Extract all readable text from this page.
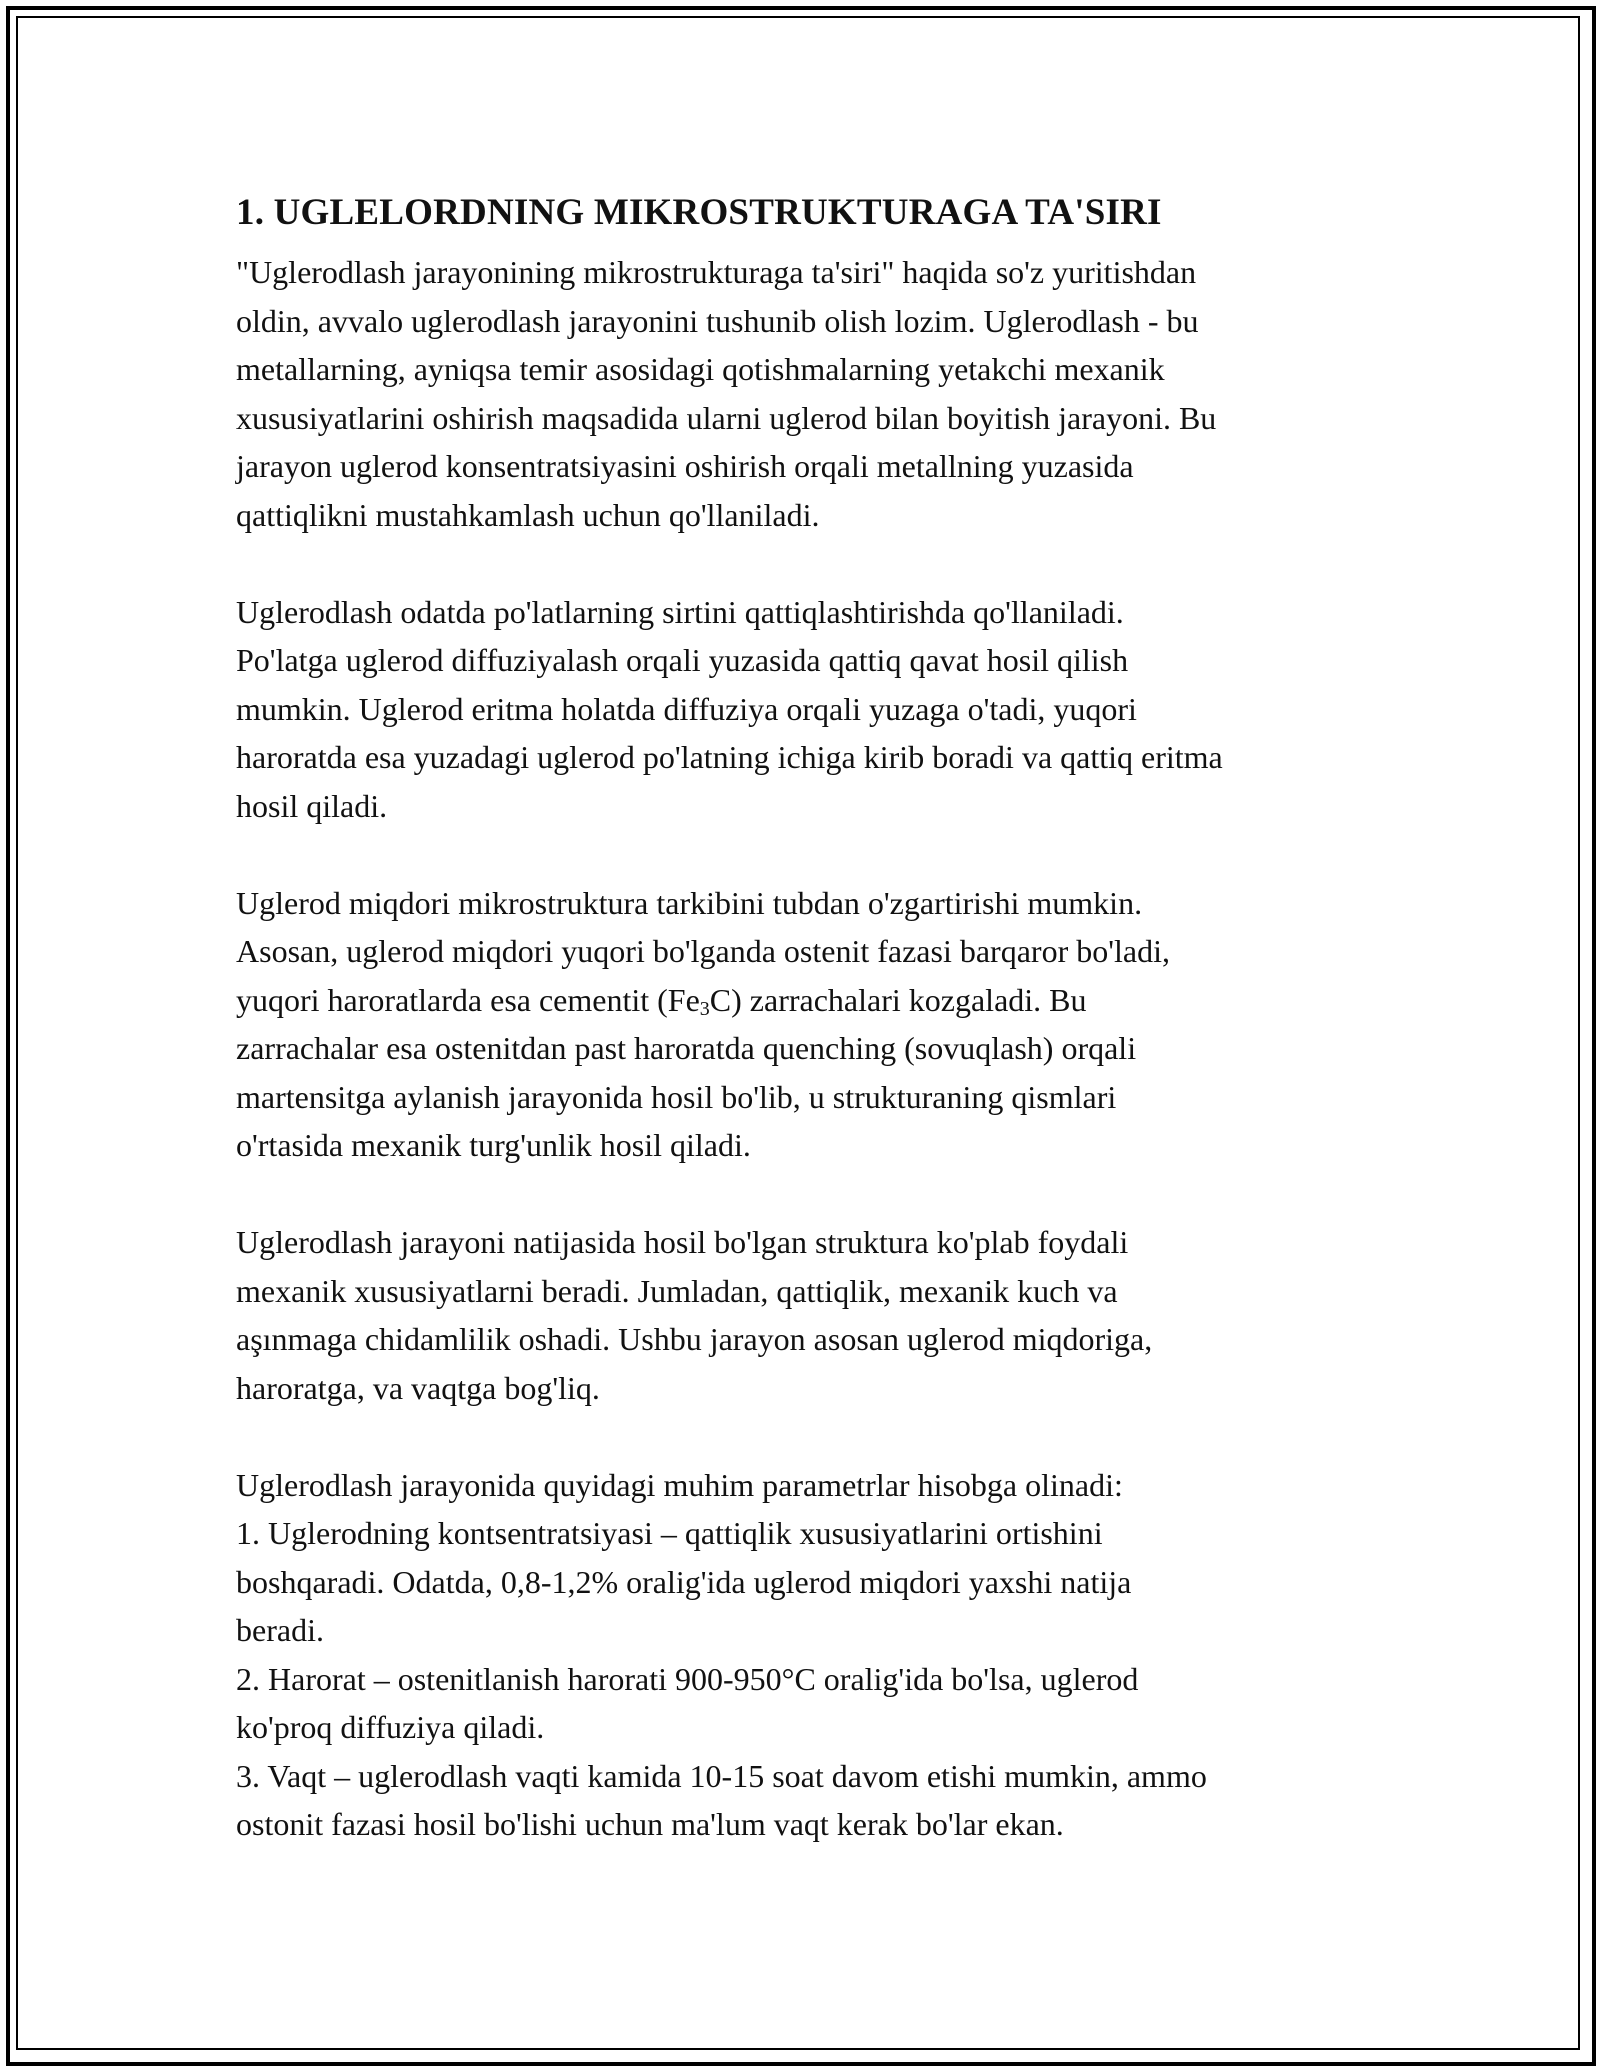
1. UGLELORDNING MIKROSTRUKTURAGA TA'SIRI

"Uglerodlash jarayonining mikrostrukturaga ta'siri" haqida so'z yuritishdan
oldin, avvalo uglerodlash jarayonini tushunib olish lozim. Uglerodlash - bu
metallarning, ayniqsa temir asosidagi qotishmalarning yetakchi mexanik
xususiyatlarini oshirish maqsadida ularni uglerod bilan boyitish jarayoni. Bu
jarayon uglerod konsentratsiyasini oshirish orqali metallning yuzasida
qattiqlikni mustahkamlash uchun qo'llaniladi.

Uglerodlash odatda po'latlarning sirtini qattiqlashtirishda qo'llaniladi.
Po'latga uglerod diffuziyalash orqali yuzasida qattiq qavat hosil qilish
mumkin. Uglerod eritma holatda diffuziya orqali yuzaga o'tadi, yuqori
haroratda esa yuzadagi uglerod po'latning ichiga kirib boradi va qattiq eritma
hosil qiladi.

Uglerod miqdori mikrostruktura tarkibini tubdan o'zgartirishi mumkin.
Asosan, uglerod miqdori yuqori bo'lganda ostenit fazasi barqaror bo'ladi,
yuqori haroratlarda esa cementit $(Fe_3C)$ zarrachalari kozgaladi. Bu
zarrachalar esa ostenitdan past haroratda quenching (sovuqlash) orqali
martensitga aylanish jarayonida hosil bo'lib, u strukturaning qismlari
o'rtasida mexanik turg'unlik hosil qiladi.

Uglerodlash jarayoni natijasida hosil bo'lgan struktura ko'plab foydali
mexanik xususiyatlarni beradi. Jumladan, qattiqlik, mexanik kuch va
aşınmaga chidamlilik oshadi. Ushbu jarayon asosan uglerod miqdoriga,
haroratga, va vaqtga bog'liq.

Uglerodlash jarayonida quyidagi muhim parametrlar hisobga olinadi:
1. Uglerodning kontsentratsiyasi – qattiqlik xususiyatlarini ortishini
boshqaradi. Odatda, 0,8-1,2% oralig'ida uglerod miqdori yaxshi natija
beradi.
2. Harorat – ostenitlanish harorati 900-950°C oralig'ida bo'lsa, uglerod
ko'proq diffuziya qiladi.
3. Vaqt – uglerodlash vaqti kamida 10-15 soat davom etishi mumkin, ammo
ostonit fazasi hosil bo'lishi uchun ma'lum vaqt kerak bo'lar ekan.
